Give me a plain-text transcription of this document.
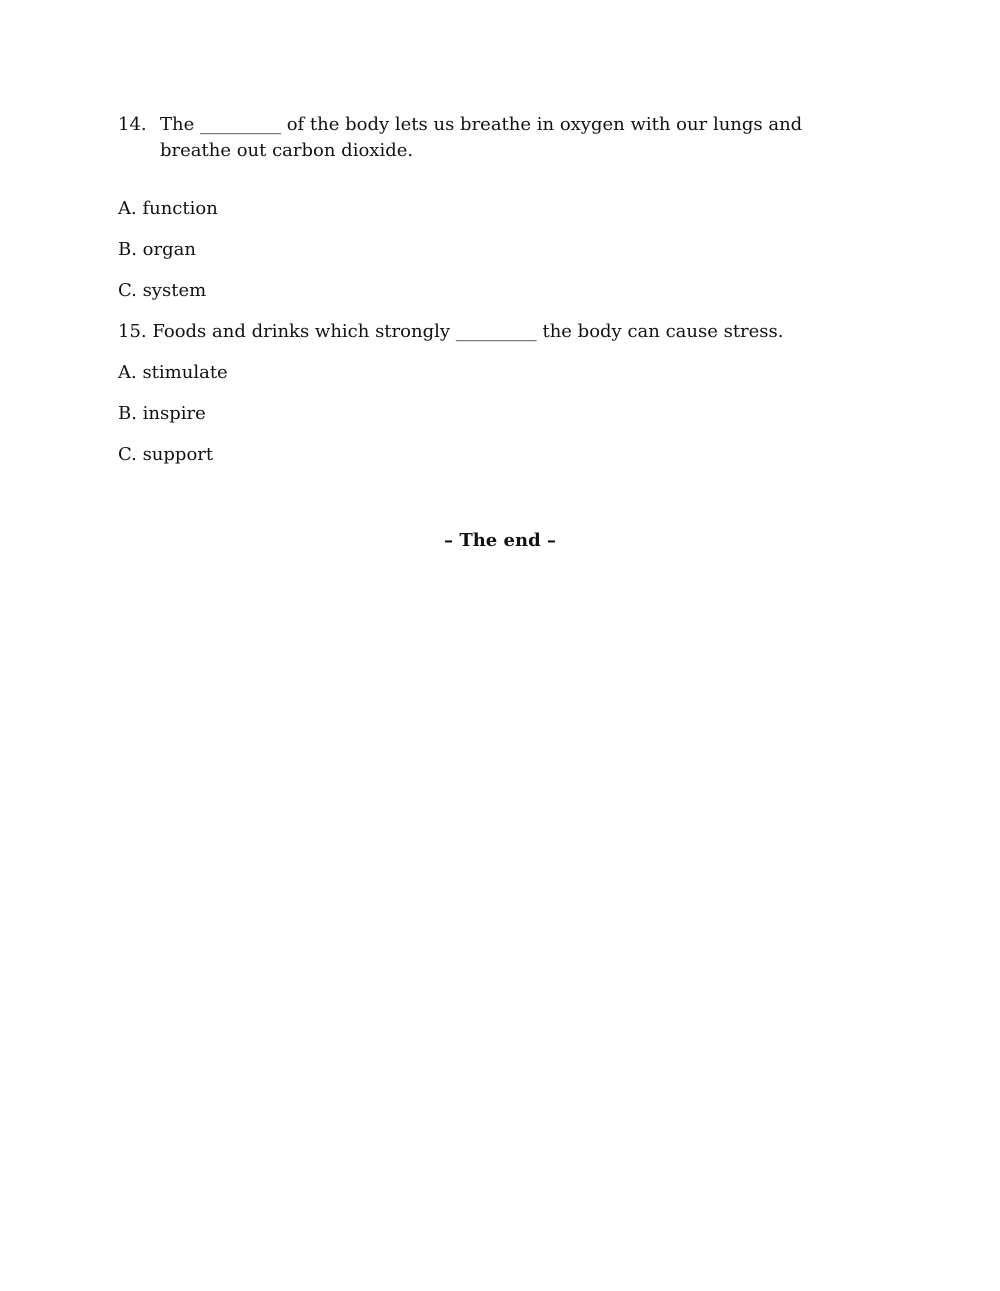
14. The _________ of the body lets us breathe in oxygen with our lungs and breathe out carbon dioxide.
A. function
B. organ
C. system
15. Foods and drinks which strongly _________ the body can cause stress.
A. stimulate
B. inspire
C. support
– The end –
